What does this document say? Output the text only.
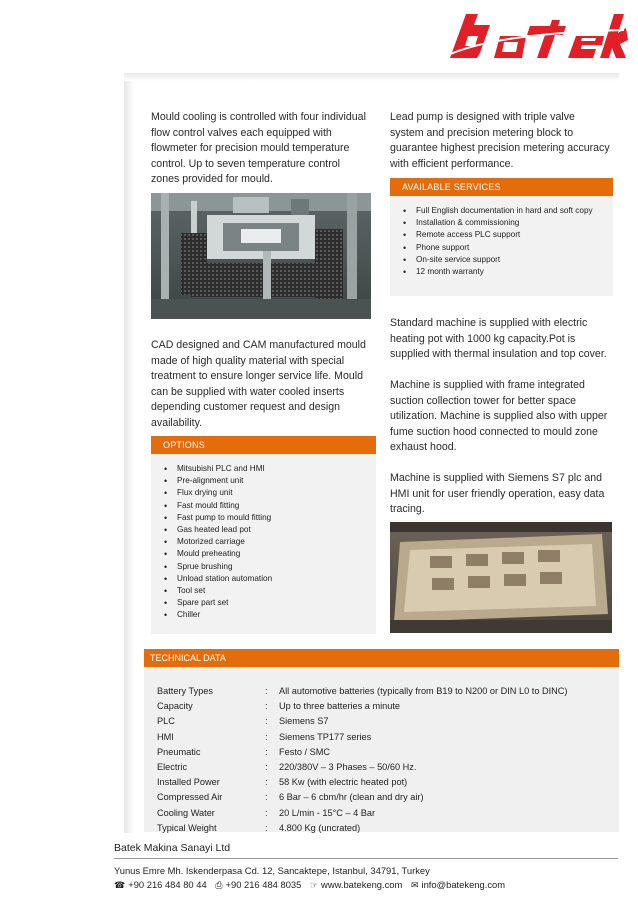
Mould cooling is controlled with four individual flow control valves each equipped with flowmeter for precision mould temperature control. Up to seven temperature control zones provided for mould.

Lead pump is designed with triple valve system and precision metering block to guarantee highest precision metering accuracy with efficient performance.

AVAILABLE SERVICES
• Full English documentation in hard and soft copy
• Installation & commissioning
• Remote access PLC support
• Phone support
• On-site service support
• 12 month warranty

CAD designed and CAM manufactured mould made of high quality material with special treatment to ensure longer service life. Mould can be supplied with water cooled inserts depending customer request and design availability.

Standard machine is supplied with electric heating pot with 1000 kg capacity.Pot is supplied with thermal insulation and top cover.

Machine is supplied with frame integrated suction collection tower for better space utilization. Machine is supplied also with upper fume suction hood connected to mould zone exhaust hood.

Machine is supplied with Siemens S7 plc and HMI unit for user friendly operation, easy data tracing.

OPTIONS
• Mitsubishi PLC and HMI
• Pre-alignment unit
• Flux drying unit
• Fast mould fitting
• Fast pump to mould fitting
• Gas heated lead pot
• Motorized carriage
• Mould preheating
• Sprue brushing
• Unload station automation
• Tool set
• Spare part set
• Chiller
TECHNICAL DATA
Battery Types	:	All automotive batteries (typically from B19 to N200 or DIN L0 to DINC)
Capacity	:	Up to three batteries a minute
PLC	:	Siemens S7
HMI	:	Siemens TP177 series
Pneumatic	:	Festo / SMC
Electric	:	220/380V – 3 Phases – 50/60 Hz.
Installed Power	:	58 Kw (with electric heated pot)
Compressed Air	:	6 Bar – 6 cbm/hr (clean and dry air)
Cooling Water	:	20 L/min - 15°C – 4 Bar
Typical Weight	:	4.800 Kg (uncrated)
Batek Makina Sanayi Ltd
Yunus Emre Mh. Iskenderpasa Cd. 12, Sancaktepe, Istanbul, 34791, Turkey
☎ +90 216 484 80 44 ⎙ +90 216 484 8035 ☞ www.batekeng.com ✉ info@batekeng.com
